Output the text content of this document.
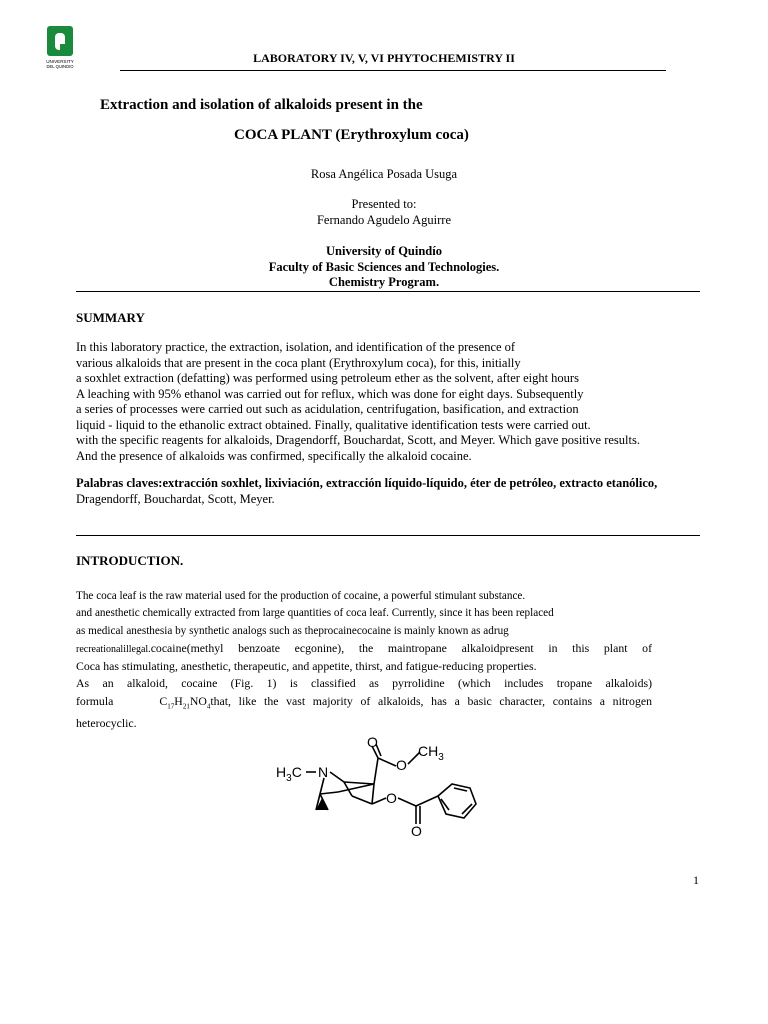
UNIVERSITY
DEL QUINDIO
LABORATORY IV, V, VI PHYTOCHEMISTRY II
Extraction and isolation of alkaloids present in the
COCA PLANT (Erythroxylum coca)
Rosa Angélica Posada Usuga
Presented to:
Fernando Agudelo Aguirre
University of Quindío
Faculty of Basic Sciences and Technologies.
Chemistry Program.
SUMMARY
In this laboratory practice, the extraction, isolation, and identification of the presence of
various alkaloids that are present in the coca plant (Erythroxylum coca), for this, initially
a soxhlet extraction (defatting) was performed using petroleum ether as the solvent, after eight hours
A leaching with 95% ethanol was carried out for reflux, which was done for eight days. Subsequently
a series of processes were carried out such as acidulation, centrifugation, basification, and extraction
liquid - liquid to the ethanolic extract obtained. Finally, qualitative identification tests were carried out.
with the specific reagents for alkaloids, Dragendorff, Bouchardat, Scott, and Meyer. Which gave positive results.
And the presence of alkaloids was confirmed, specifically the alkaloid cocaine.
Palabras claves:extracción soxhlet, lixiviación, extracción líquido-líquido, éter de petróleo, extracto etanólico,
Dragendorff, Bouchardat, Scott, Meyer.
INTRODUCTION.
The coca leaf is the raw material used for the production of cocaine, a powerful stimulant substance.
and anesthetic chemically extracted from large quantities of coca leaf. Currently, since it has been replaced
as medical anesthesia by synthetic analogs such as theprocainecocaine is mainly known as adrug
recreationalillegal.cocaine(methyl benzoate ecgonine), the maintropane alkaloidpresent in this plant of
Coca has stimulating, anesthetic, therapeutic, and appetite, thirst, and fatigue-reducing properties.
As an alkaloid, cocaine (Fig. 1) is classified as pyrrolidine (which includes tropane alkaloids)
formula	$C_{17}H_{21}NO_4that$, like the vast majority of alkaloids, has a basic character, contains a nitrogen
heterocyclic.
$H_3C$ N
O
O
$CH_3$
O
O
1
